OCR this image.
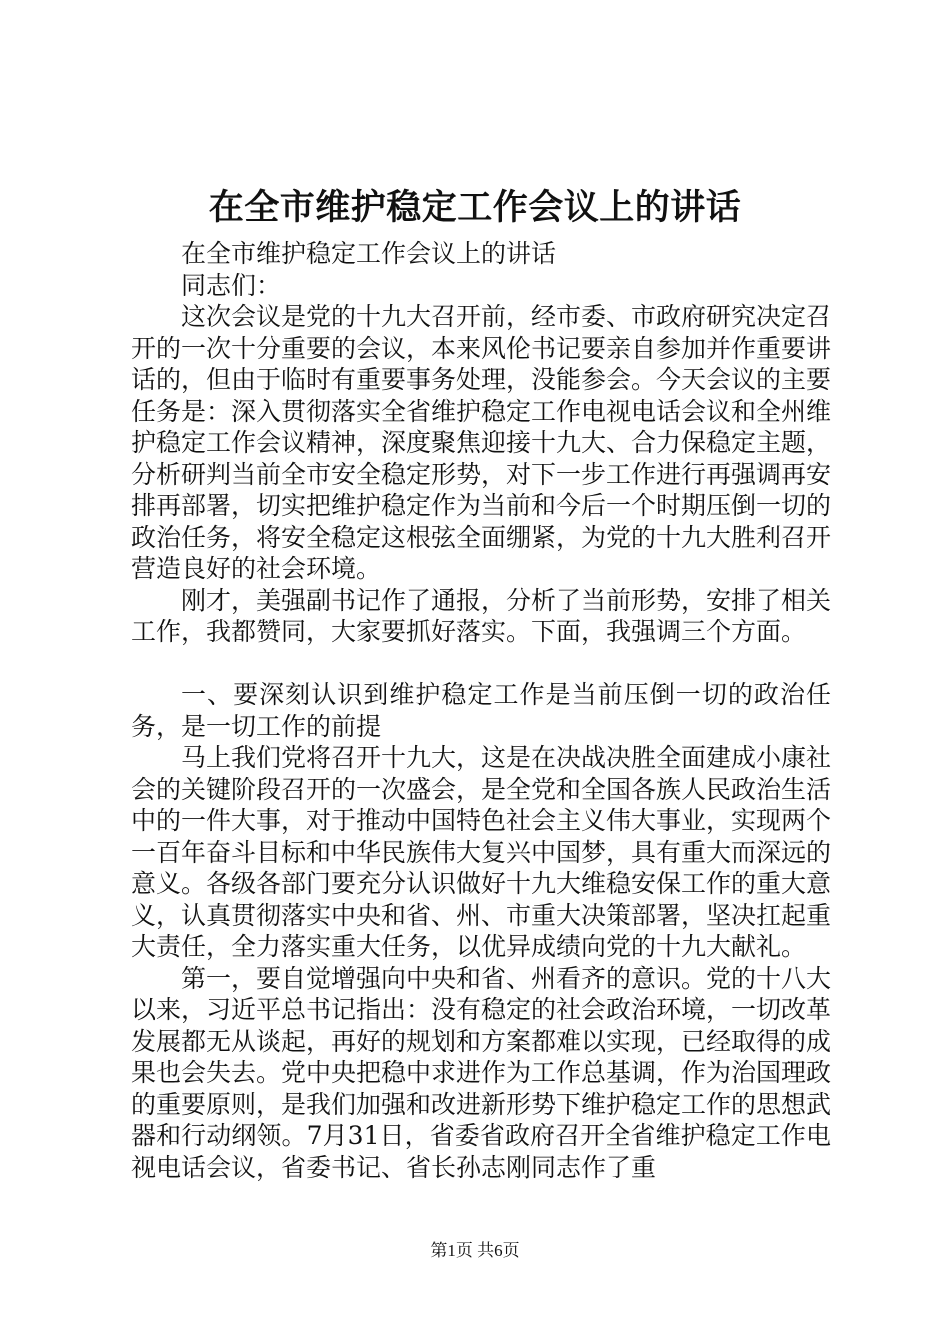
在全市维护稳定工作会议上的讲话

在全市维护稳定工作会议上的讲话

同志们：

这次会议是党的十九大召开前，经市委、市政府研究决定召开的一次十分重要的会议，本来风伦书记要亲自参加并作重要讲话的，但由于临时有重要事务处理，没能参会。今天会议的主要任务是：深入贯彻落实全省维护稳定工作电视电话会议和全州维护稳定工作会议精神，深度聚焦迎接十九大、合力保稳定主题，分析研判当前全市安全稳定形势，对下一步工作进行再强调再安排再部署，切实把维护稳定作为当前和今后一个时期压倒一切的政治任务，将安全稳定这根弦全面绷紧，为党的十九大胜利召开营造良好的社会环境。

刚才，美强副书记作了通报，分析了当前形势，安排了相关工作，我都赞同，大家要抓好落实。下面，我强调三个方面。

一、要深刻认识到维护稳定工作是当前压倒一切的政治任务，是一切工作的前提

马上我们党将召开十九大，这是在决战决胜全面建成小康社会的关键阶段召开的一次盛会，是全党和全国各族人民政治生活中的一件大事，对于推动中国特色社会主义伟大事业，实现两个一百年奋斗目标和中华民族伟大复兴中国梦，具有重大而深远的意义。各级各部门要充分认识做好十九大维稳安保工作的重大意义，认真贯彻落实中央和省、州、市重大决策部署，坚决扛起重大责任，全力落实重大任务，以优异成绩向党的十九大献礼。

第一，要自觉增强向中央和省、州看齐的意识。党的十八大以来，习近平总书记指出：没有稳定的社会政治环境，一切改革发展都无从谈起，再好的规划和方案都难以实现，已经取得的成果也会失去。党中央把稳中求进作为工作总基调，作为治国理政的重要原则，是我们加强和改进新形势下维护稳定工作的思想武器和行动纲领。7月31日，省委省政府召开全省维护稳定工作电视电话会议，省委书记、省长孙志刚同志作了重

第1页 共6页
